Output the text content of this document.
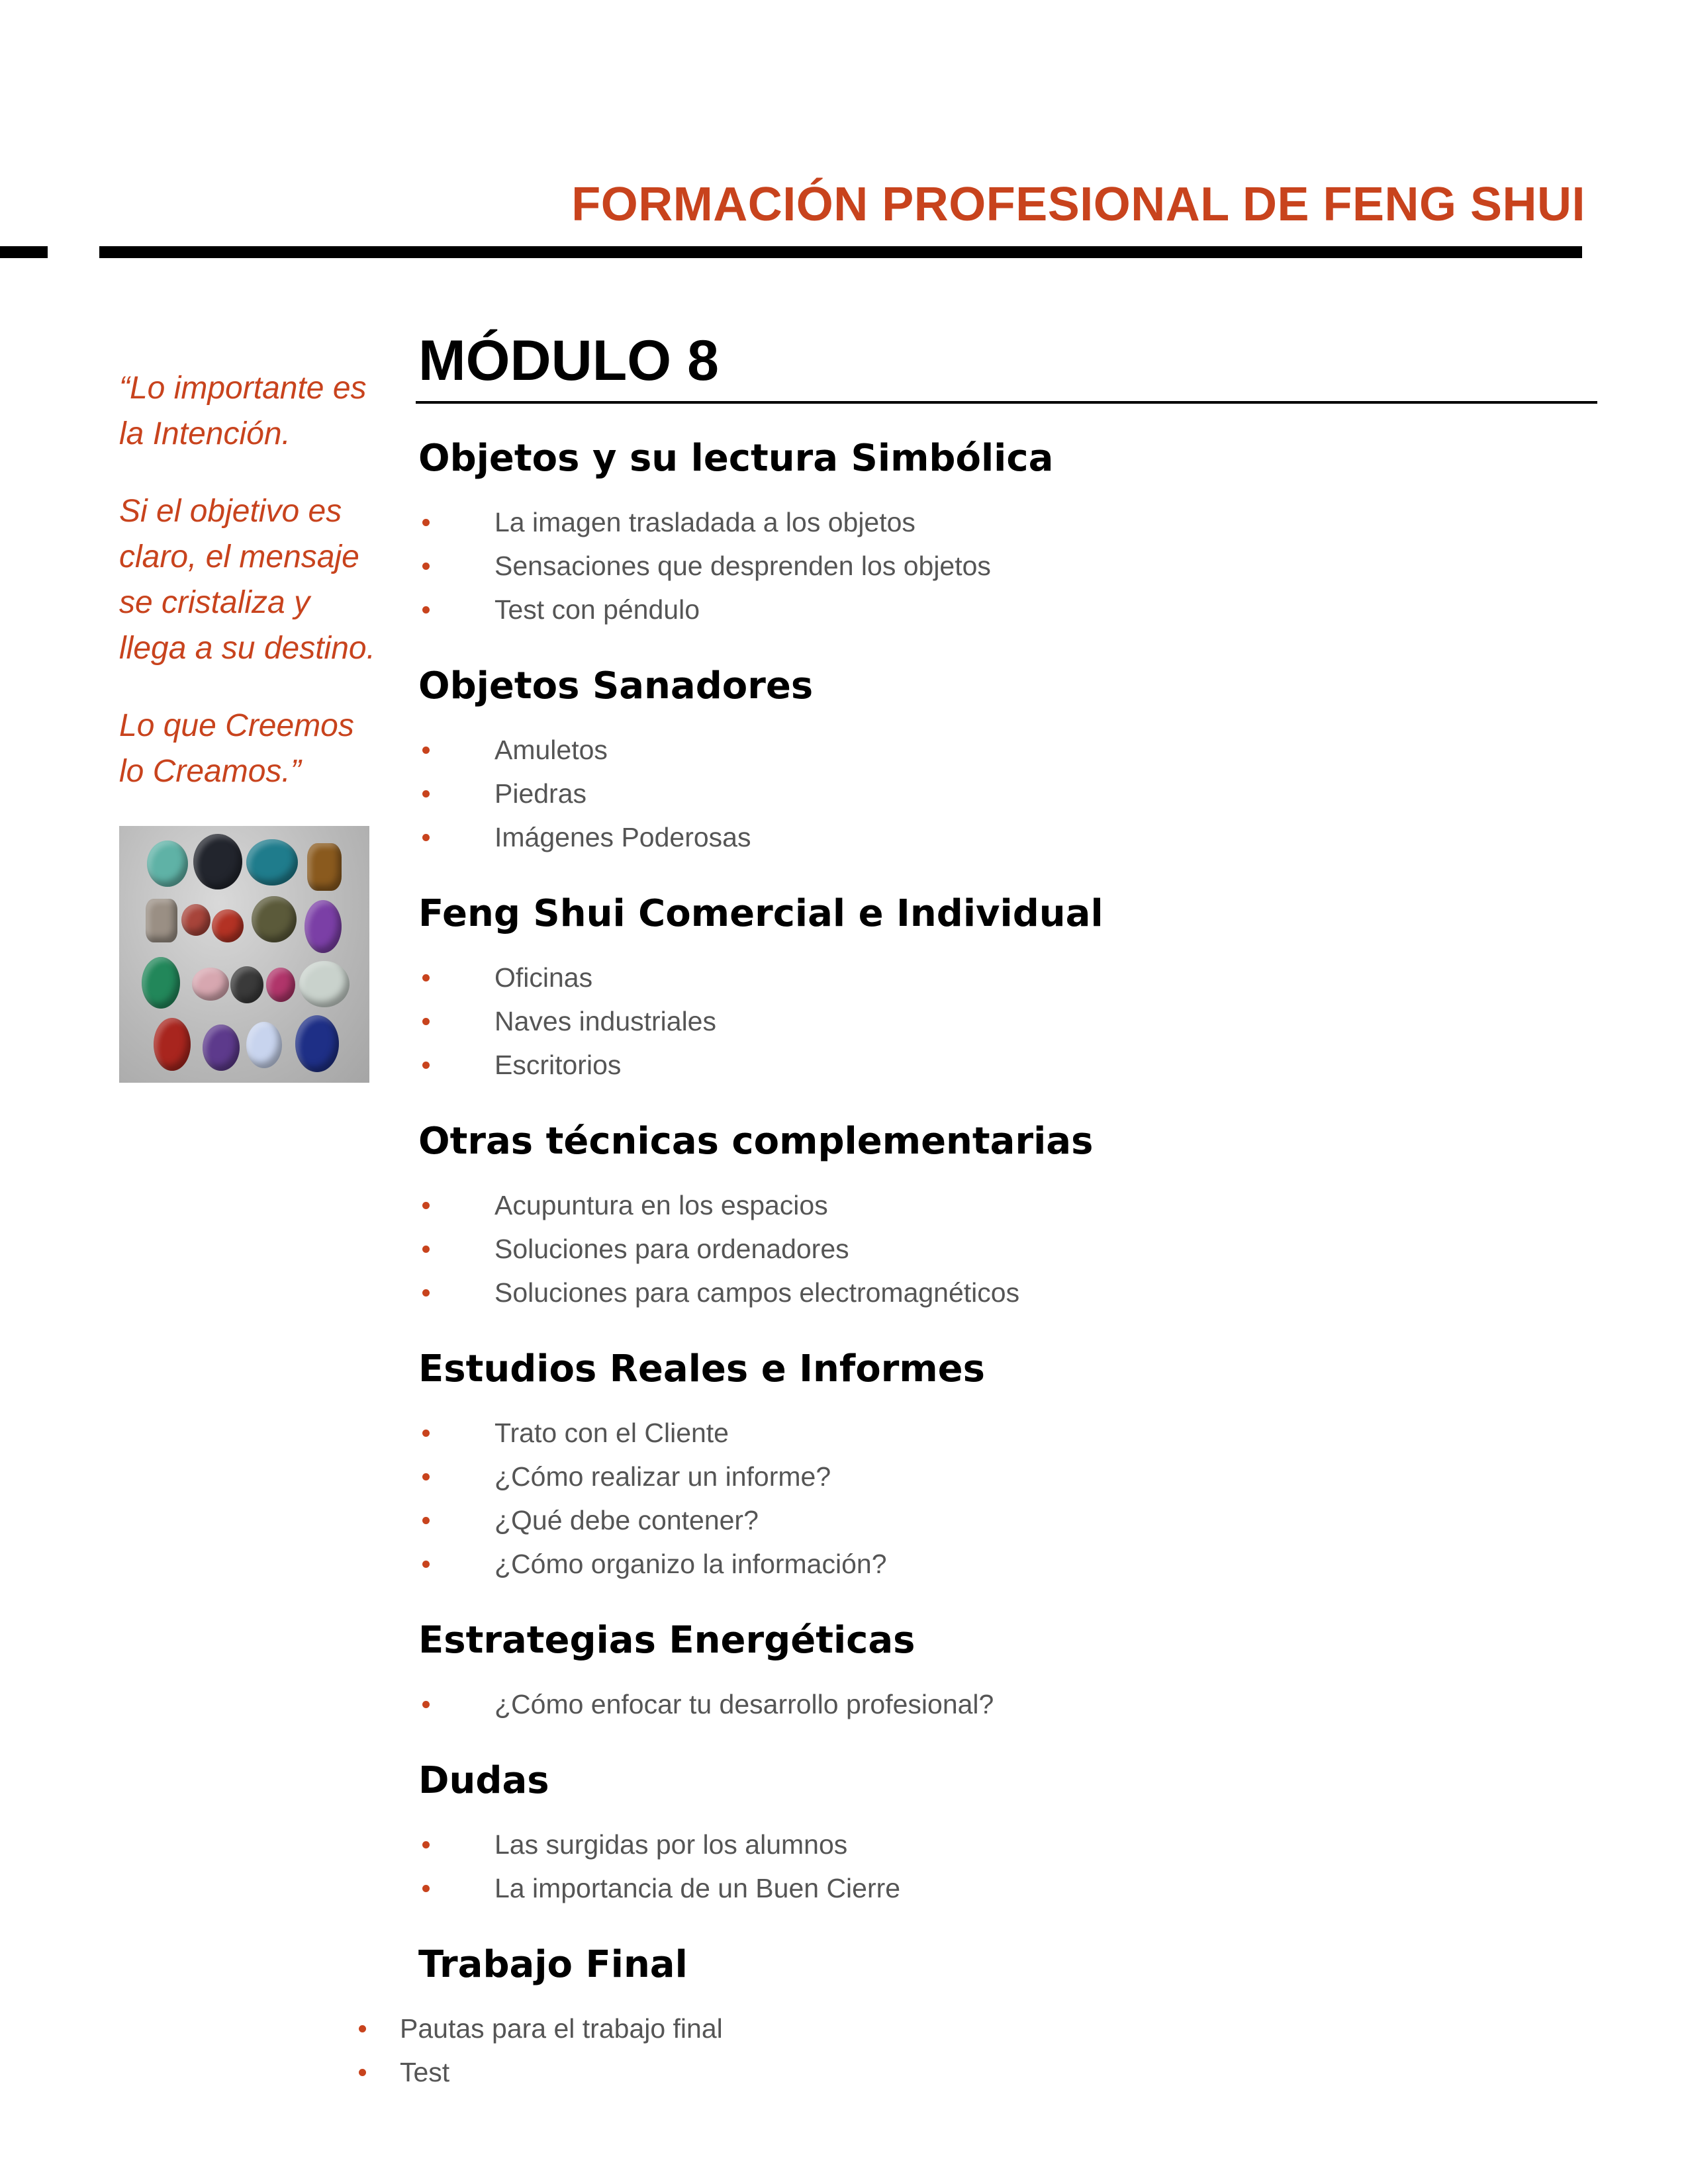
FORMACIÓN PROFESIONAL DE FENG SHUI

“Lo importante es la Intención.

Si el objetivo es claro, el mensaje se cristaliza y llega a su destino.

Lo que Creemos lo Creamos.”

MÓDULO 8
Objetos y su lectura Simbólica
La imagen trasladada a los objetos
Sensaciones que desprenden los objetos
Test con péndulo
Objetos Sanadores
Amuletos
Piedras
Imágenes Poderosas
Feng Shui Comercial e Individual
Oficinas
Naves industriales
Escritorios
Otras técnicas complementarias
Acupuntura en los espacios
Soluciones para ordenadores
Soluciones para campos electromagnéticos
Estudios Reales e Informes
Trato con el Cliente
¿Cómo realizar un informe?
¿Qué debe contener?
¿Cómo organizo la información?
Estrategias Energéticas
¿Cómo enfocar tu desarrollo profesional?
Dudas
Las surgidas por los alumnos
La importancia de un Buen Cierre
Trabajo Final
Pautas para el trabajo final
Test
